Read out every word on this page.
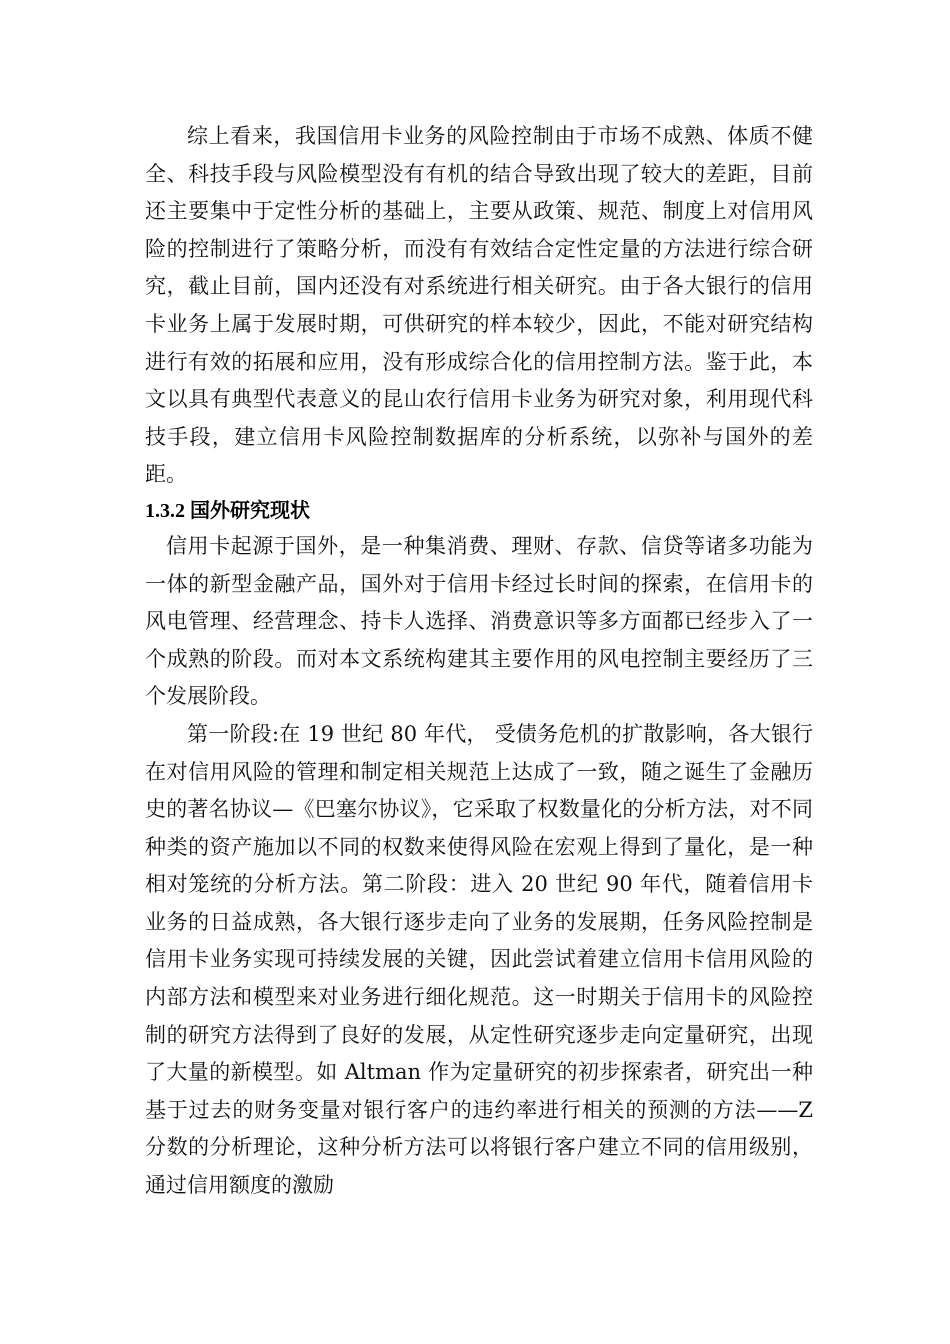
综上看来，我国信用卡业务的风险控制由于市场不成熟、体质不健全、科技手段与风险模型没有有机的结合导致出现了较大的差距，目前还主要集中于定性分析的基础上，主要从政策、规范、制度上对信用风险的控制进行了策略分析，而没有有效结合定性定量的方法进行综合研究，截止目前，国内还没有对系统进行相关研究。由于各大银行的信用卡业务上属于发展时期，可供研究的样本较少，因此，不能对研究结构进行有效的拓展和应用，没有形成综合化的信用控制方法。鉴于此，本文以具有典型代表意义的昆山农行信用卡业务为研究对象，利用现代科技手段，建立信用卡风险控制数据库的分析系统，以弥补与国外的差距。

1.3.2 国外研究现状

信用卡起源于国外，是一种集消费、理财、存款、信贷等诸多功能为一体的新型金融产品，国外对于信用卡经过长时间的探索，在信用卡的风电管理、经营理念、持卡人选择、消费意识等多方面都已经步入了一个成熟的阶段。而对本文系统构建其主要作用的风电控制主要经历了三个发展阶段。

第一阶段:在 19 世纪 80 年代， 受债务危机的扩散影响，各大银行在对信用风险的管理和制定相关规范上达成了一致，随之诞生了金融历史的著名协议—《巴塞尔协议》，它采取了权数量化的分析方法，对不同种类的资产施加以不同的权数来使得风险在宏观上得到了量化，是一种相对笼统的分析方法。第二阶段：进入 20 世纪 90 年代，随着信用卡业务的日益成熟，各大银行逐步走向了业务的发展期，任务风险控制是信用卡业务实现可持续发展的关键，因此尝试着建立信用卡信用风险的内部方法和模型来对业务进行细化规范。这一时期关于信用卡的风险控制的研究方法得到了良好的发展，从定性研究逐步走向定量研究，出现了大量的新模型。如 Altman 作为定量研究的初步探索者，研究出一种基于过去的财务变量对银行客户的违约率进行相关的预测的方法——Z 分数的分析理论，这种分析方法可以将银行客户建立不同的信用级别，通过信用额度的激励
